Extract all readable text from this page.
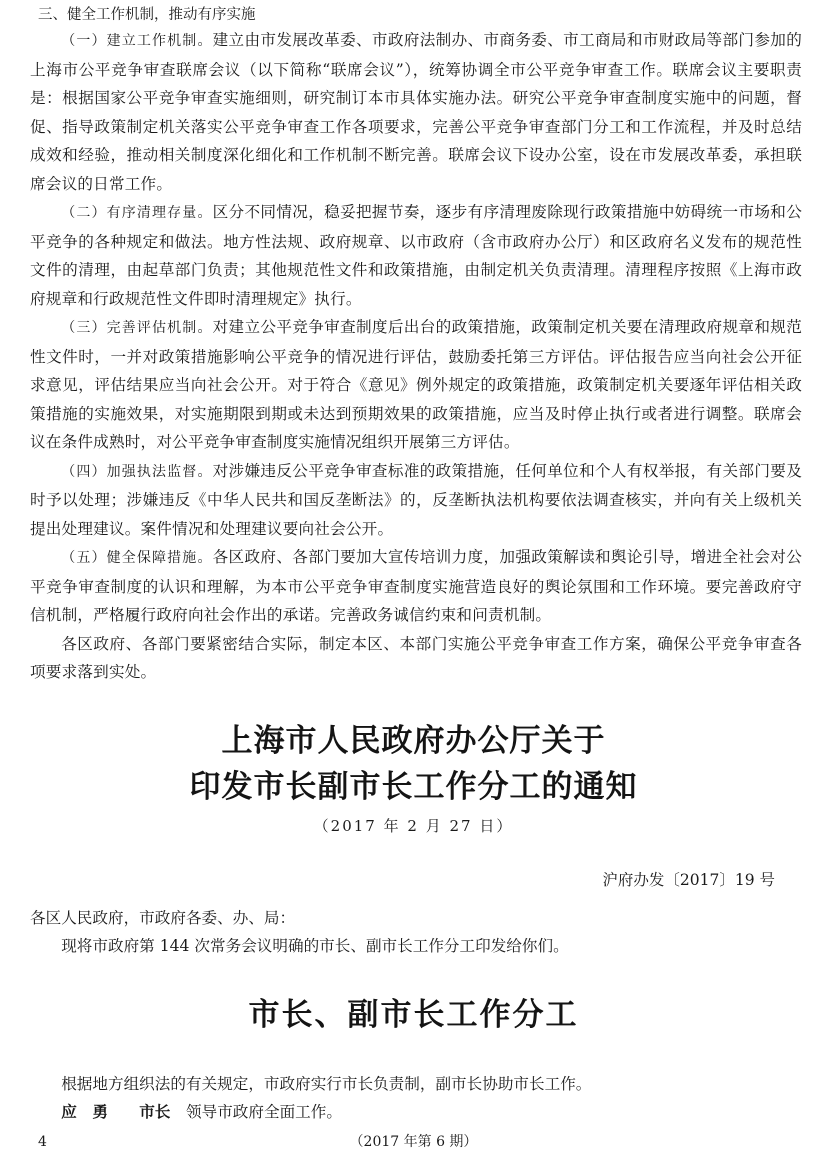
三、健全工作机制，推动有序实施

（一）建立工作机制。建立由市发展改革委、市政府法制办、市商务委、市工商局和市财政局等部门参加的上海市公平竞争审查联席会议（以下简称“联席会议”），统筹协调全市公平竞争审查工作。联席会议主要职责是：根据国家公平竞争审查实施细则，研究制订本市具体实施办法。研究公平竞争审查制度实施中的问题，督促、指导政策制定机关落实公平竞争审查工作各项要求，完善公平竞争审查部门分工和工作流程，并及时总结成效和经验，推动相关制度深化细化和工作机制不断完善。联席会议下设办公室，设在市发展改革委，承担联席会议的日常工作。

（二）有序清理存量。区分不同情况，稳妥把握节奏，逐步有序清理废除现行政策措施中妨碍统一市场和公平竞争的各种规定和做法。地方性法规、政府规章、以市政府（含市政府办公厅）和区政府名义发布的规范性文件的清理，由起草部门负责；其他规范性文件和政策措施，由制定机关负责清理。清理程序按照《上海市政府规章和行政规范性文件即时清理规定》执行。

（三）完善评估机制。对建立公平竞争审查制度后出台的政策措施，政策制定机关要在清理政府规章和规范性文件时，一并对政策措施影响公平竞争的情况进行评估，鼓励委托第三方评估。评估报告应当向社会公开征求意见，评估结果应当向社会公开。对于符合《意见》例外规定的政策措施，政策制定机关要逐年评估相关政策措施的实施效果，对实施期限到期或未达到预期效果的政策措施，应当及时停止执行或者进行调整。联席会议在条件成熟时，对公平竞争审查制度实施情况组织开展第三方评估。

（四）加强执法监督。对涉嫌违反公平竞争审查标准的政策措施，任何单位和个人有权举报，有关部门要及时予以处理；涉嫌违反《中华人民共和国反垄断法》的，反垄断执法机构要依法调查核实，并向有关上级机关提出处理建议。案件情况和处理建议要向社会公开。

（五）健全保障措施。各区政府、各部门要加大宣传培训力度，加强政策解读和舆论引导，增进全社会对公平竞争审查制度的认识和理解，为本市公平竞争审查制度实施营造良好的舆论氛围和工作环境。要完善政府守信机制，严格履行政府向社会作出的承诺。完善政务诚信约束和问责机制。

各区政府、各部门要紧密结合实际，制定本区、本部门实施公平竞争审查工作方案，确保公平竞争审查各项要求落到实处。

上海市人民政府办公厅关于
印发市长副市长工作分工的通知
（2017 年 2 月 27 日）
沪府办发〔2017〕19 号
各区人民政府，市政府各委、办、局：
现将市政府第 144 次常务会议明确的市长、副市长工作分工印发给你们。
市长、副市长工作分工
根据地方组织法的有关规定，市政府实行市长负责制，副市长协助市长工作。
应　勇　　 市长　 领导市政府全面工作。
4	（2017 年第 6 期）
